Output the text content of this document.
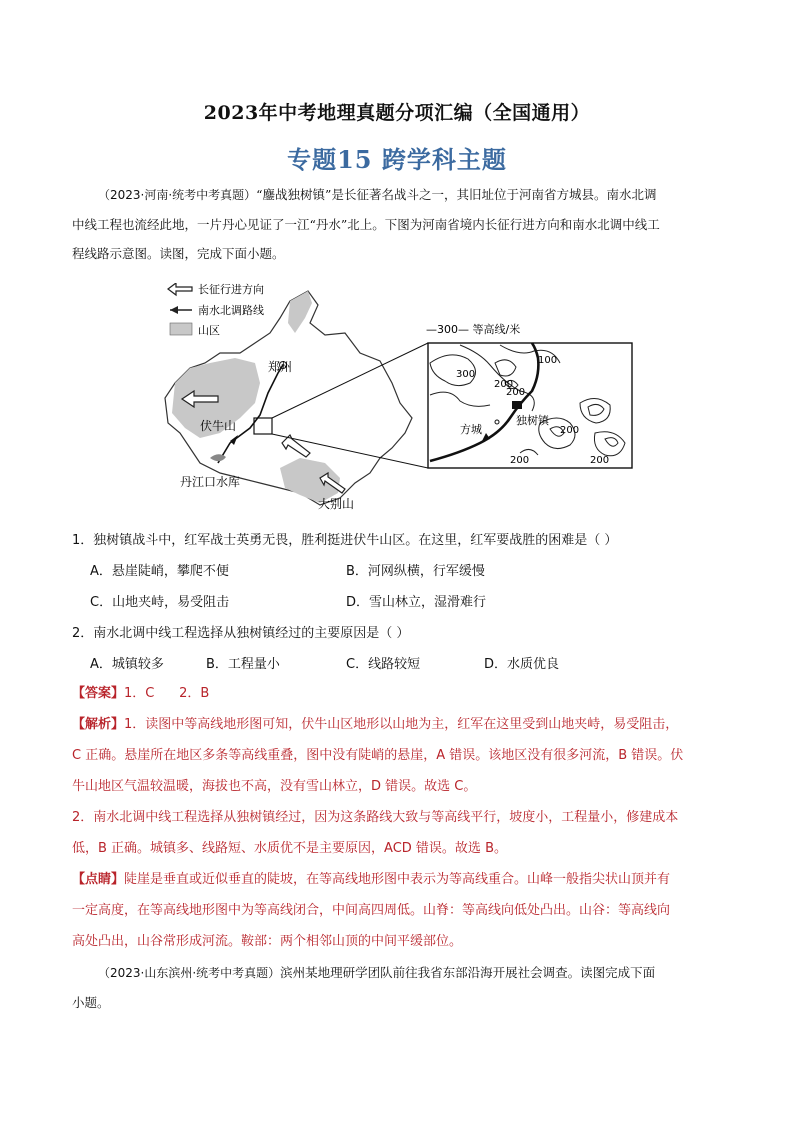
2023年中考地理真题分项汇编（全国通用）
专题15 跨学科主题
（2023·河南·统考中考真题）“鏖战独树镇”是长征著名战斗之一，其旧址位于河南省方城县。南水北调
中线工程也流经此地，一片丹心见证了一江“丹水”北上。下图为河南省境内长征行进方向和南水北调中线工
程线路示意图。读图，完成下面小题。
长征行进方向
南水北调路线
山区
郑州
伏牛山
丹江口水库
大别山
—300— 等高线/米
300
200
100
200
200
200	200
方城
独树镇
1．独树镇战斗中，红军战士英勇无畏，胜利挺进伏牛山区。在这里，红军要战胜的困难是（ ）
A．悬崖陡峭，攀爬不便	B．河网纵横，行军缓慢
C．山地夹峙，易受阻击	D．雪山林立，湿滑难行
2．南水北调中线工程选择从独树镇经过的主要原因是（ ）
A．城镇较多	B．工程量小	C．线路较短	D．水质优良
【答案】1．C      2．B
【解析】1．读图中等高线地形图可知，伏牛山区地形以山地为主，红军在这里受到山地夹峙，易受阻击，
C 正确。悬崖所在地区多条等高线重叠，图中没有陡峭的悬崖，A 错误。该地区没有很多河流，B 错误。伏
牛山地区气温较温暖，海拔也不高，没有雪山林立，D 错误。故选 C。
2．南水北调中线工程选择从独树镇经过，因为这条路线大致与等高线平行，坡度小，工程量小，修建成本
低，B 正确。城镇多、线路短、水质优不是主要原因，ACD 错误。故选 B。
【点睛】陡崖是垂直或近似垂直的陡坡，在等高线地形图中表示为等高线重合。山峰一般指尖状山顶并有
一定高度，在等高线地形图中为等高线闭合，中间高四周低。山脊：等高线向低处凸出。山谷：等高线向
高处凸出，山谷常形成河流。鞍部：两个相邻山顶的中间平缓部位。
（2023·山东滨州·统考中考真题）滨州某地理研学团队前往我省东部沿海开展社会调查。读图完成下面
小题。
